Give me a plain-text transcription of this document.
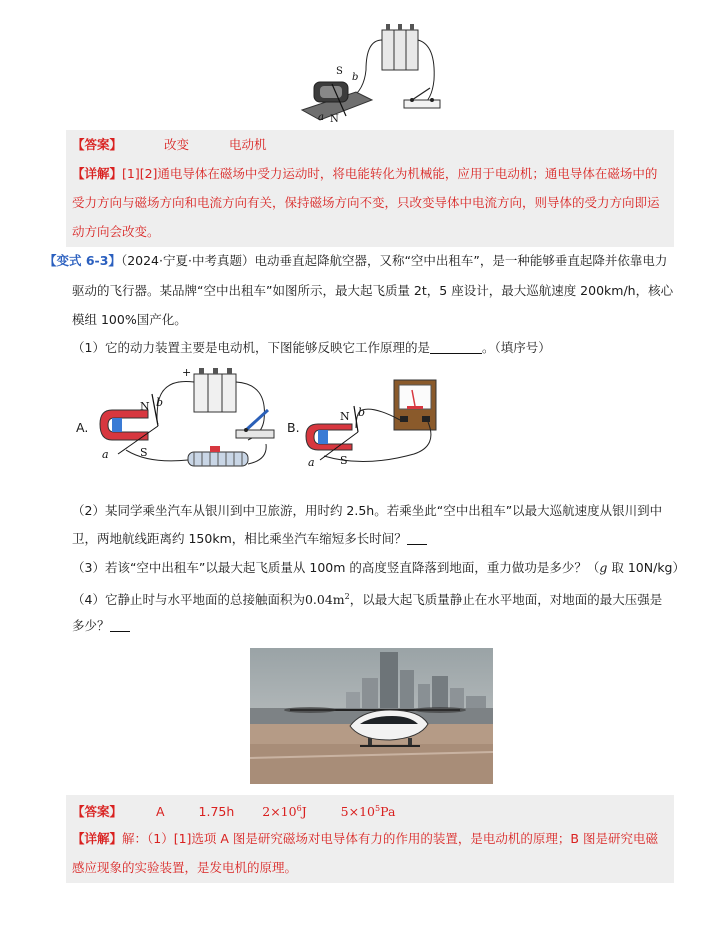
S
b
a N
【答案】	改变	电动机
【详解】[1][2]通电导体在磁场中受力运动时，将电能转化为机械能，应用于电动机；通电导体在磁场中的
受力方向与磁场方向和电流方向有关，保持磁场方向不变，只改变导体中电流方向，则导体的受力方向即运
动方向会改变。
【变式 6-3】（2024·宁夏·中考真题）电动垂直起降航空器，又称“空中出租车”，是一种能够垂直起降并依靠电力
驱动的飞行器。某品牌“空中出租车”如图所示，最大起飞质量 2t，5 座设计，最大巡航速度 200km/h，核心
模组 100%国产化。
（1）它的动力装置主要是电动机，下图能够反映它工作原理的是	。（填序号）
A.
+
N b
S
a
B.
N b
S
a
（2）某同学乘坐汽车从银川到中卫旅游，用时约 2.5h。若乘坐此“空中出租车”以最大巡航速度从银川到中
卫，两地航线距离约 150km，相比乘坐汽车缩短多长时间？
（3）若该“空中出租车”以最大起飞质量从 100m 的高度竖直降落到地面，重力做功是多少？（g 取 10N/kg）
（4）它静止时与水平地面的总接触面积为$0.04m^2$，以最大起飞质量静止在水平地面，对地面的最大压强是
多少？
【答案】	A	1.75h $2\times 10^6J$	$5\times 10^5Pa$
【详解】解：（1）[1]选项 A 图是研究磁场对电导体有力的作用的装置，是电动机的原理；B 图是研究电磁
感应现象的实验装置，是发电机的原理。
